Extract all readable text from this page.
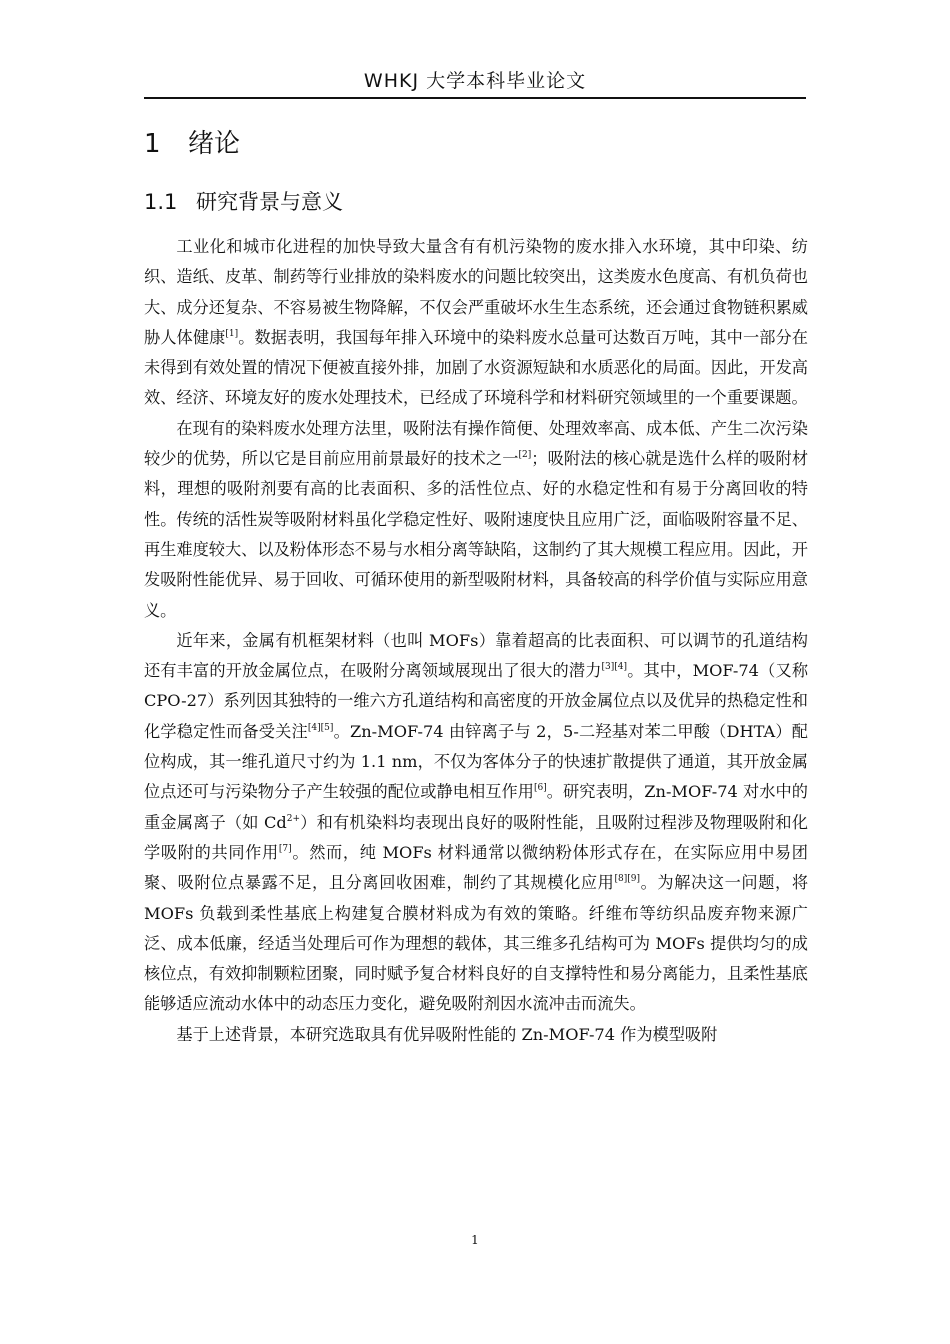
WHKJ 大学本科毕业论文
1 绪论
1.1 研究背景与意义

工业化和城市化进程的加快导致大量含有有机污染物的废水排入水环境，其中印染、纺织、造纸、皮革、制药等行业排放的染料废水的问题比较突出，这类废水色度高、有机负荷也大、成分还复杂、不容易被生物降解，不仅会严重破坏水生生态系统，还会通过食物链积累威胁人体健康[1]。数据表明，我国每年排入环境中的染料废水总量可达数百万吨，其中一部分在未得到有效处置的情况下便被直接外排，加剧了水资源短缺和水质恶化的局面。因此，开发高效、经济、环境友好的废水处理技术，已经成了环境科学和材料研究领域里的一个重要课题。

在现有的染料废水处理方法里，吸附法有操作简便、处理效率高、成本低、产生二次污染较少的优势，所以它是目前应用前景最好的技术之一[2]；吸附法的核心就是选什么样的吸附材料，理想的吸附剂要有高的比表面积、多的活性位点、好的水稳定性和有易于分离回收的特性。传统的活性炭等吸附材料虽化学稳定性好、吸附速度快且应用广泛，面临吸附容量不足、再生难度较大、以及粉体形态不易与水相分离等缺陷，这制约了其大规模工程应用。因此，开发吸附性能优异、易于回收、可循环使用的新型吸附材料，具备较高的科学价值与实际应用意义。

近年来，金属有机框架材料（也叫 MOFs）靠着超高的比表面积、可以调节的孔道结构还有丰富的开放金属位点，在吸附分离领域展现出了很大的潜力[3][4]。其中，MOF-74（又称 CPO-27）系列因其独特的一维六方孔道结构和高密度的开放金属位点以及优异的热稳定性和化学稳定性而备受关注[4][5]。Zn-MOF-74 由锌离子与 2，5-二羟基对苯二甲酸（DHTA）配位构成，其一维孔道尺寸约为 1.1 nm，不仅为客体分子的快速扩散提供了通道，其开放金属位点还可与污染物分子产生较强的配位或静电相互作用[6]。研究表明，Zn-MOF-74 对水中的重金属离子（如 $Cd^{2+}$）和有机染料均表现出良好的吸附性能，且吸附过程涉及物理吸附和化学吸附的共同作用[7]。然而，纯 MOFs 材料通常以微纳粉体形式存在，在实际应用中易团聚、吸附位点暴露不足，且分离回收困难，制约了其规模化应用[8][9]。为解决这一问题，将 MOFs 负载到柔性基底上构建复合膜材料成为有效的策略。纤维布等纺织品废弃物来源广泛、成本低廉，经适当处理后可作为理想的载体，其三维多孔结构可为 MOFs 提供均匀的成核位点，有效抑制颗粒团聚，同时赋予复合材料良好的自支撑特性和易分离能力，且柔性基底能够适应流动水体中的动态压力变化，避免吸附剂因水流冲击而流失。

基于上述背景，本研究选取具有优异吸附性能的 Zn-MOF-74 作为模型吸附

1
